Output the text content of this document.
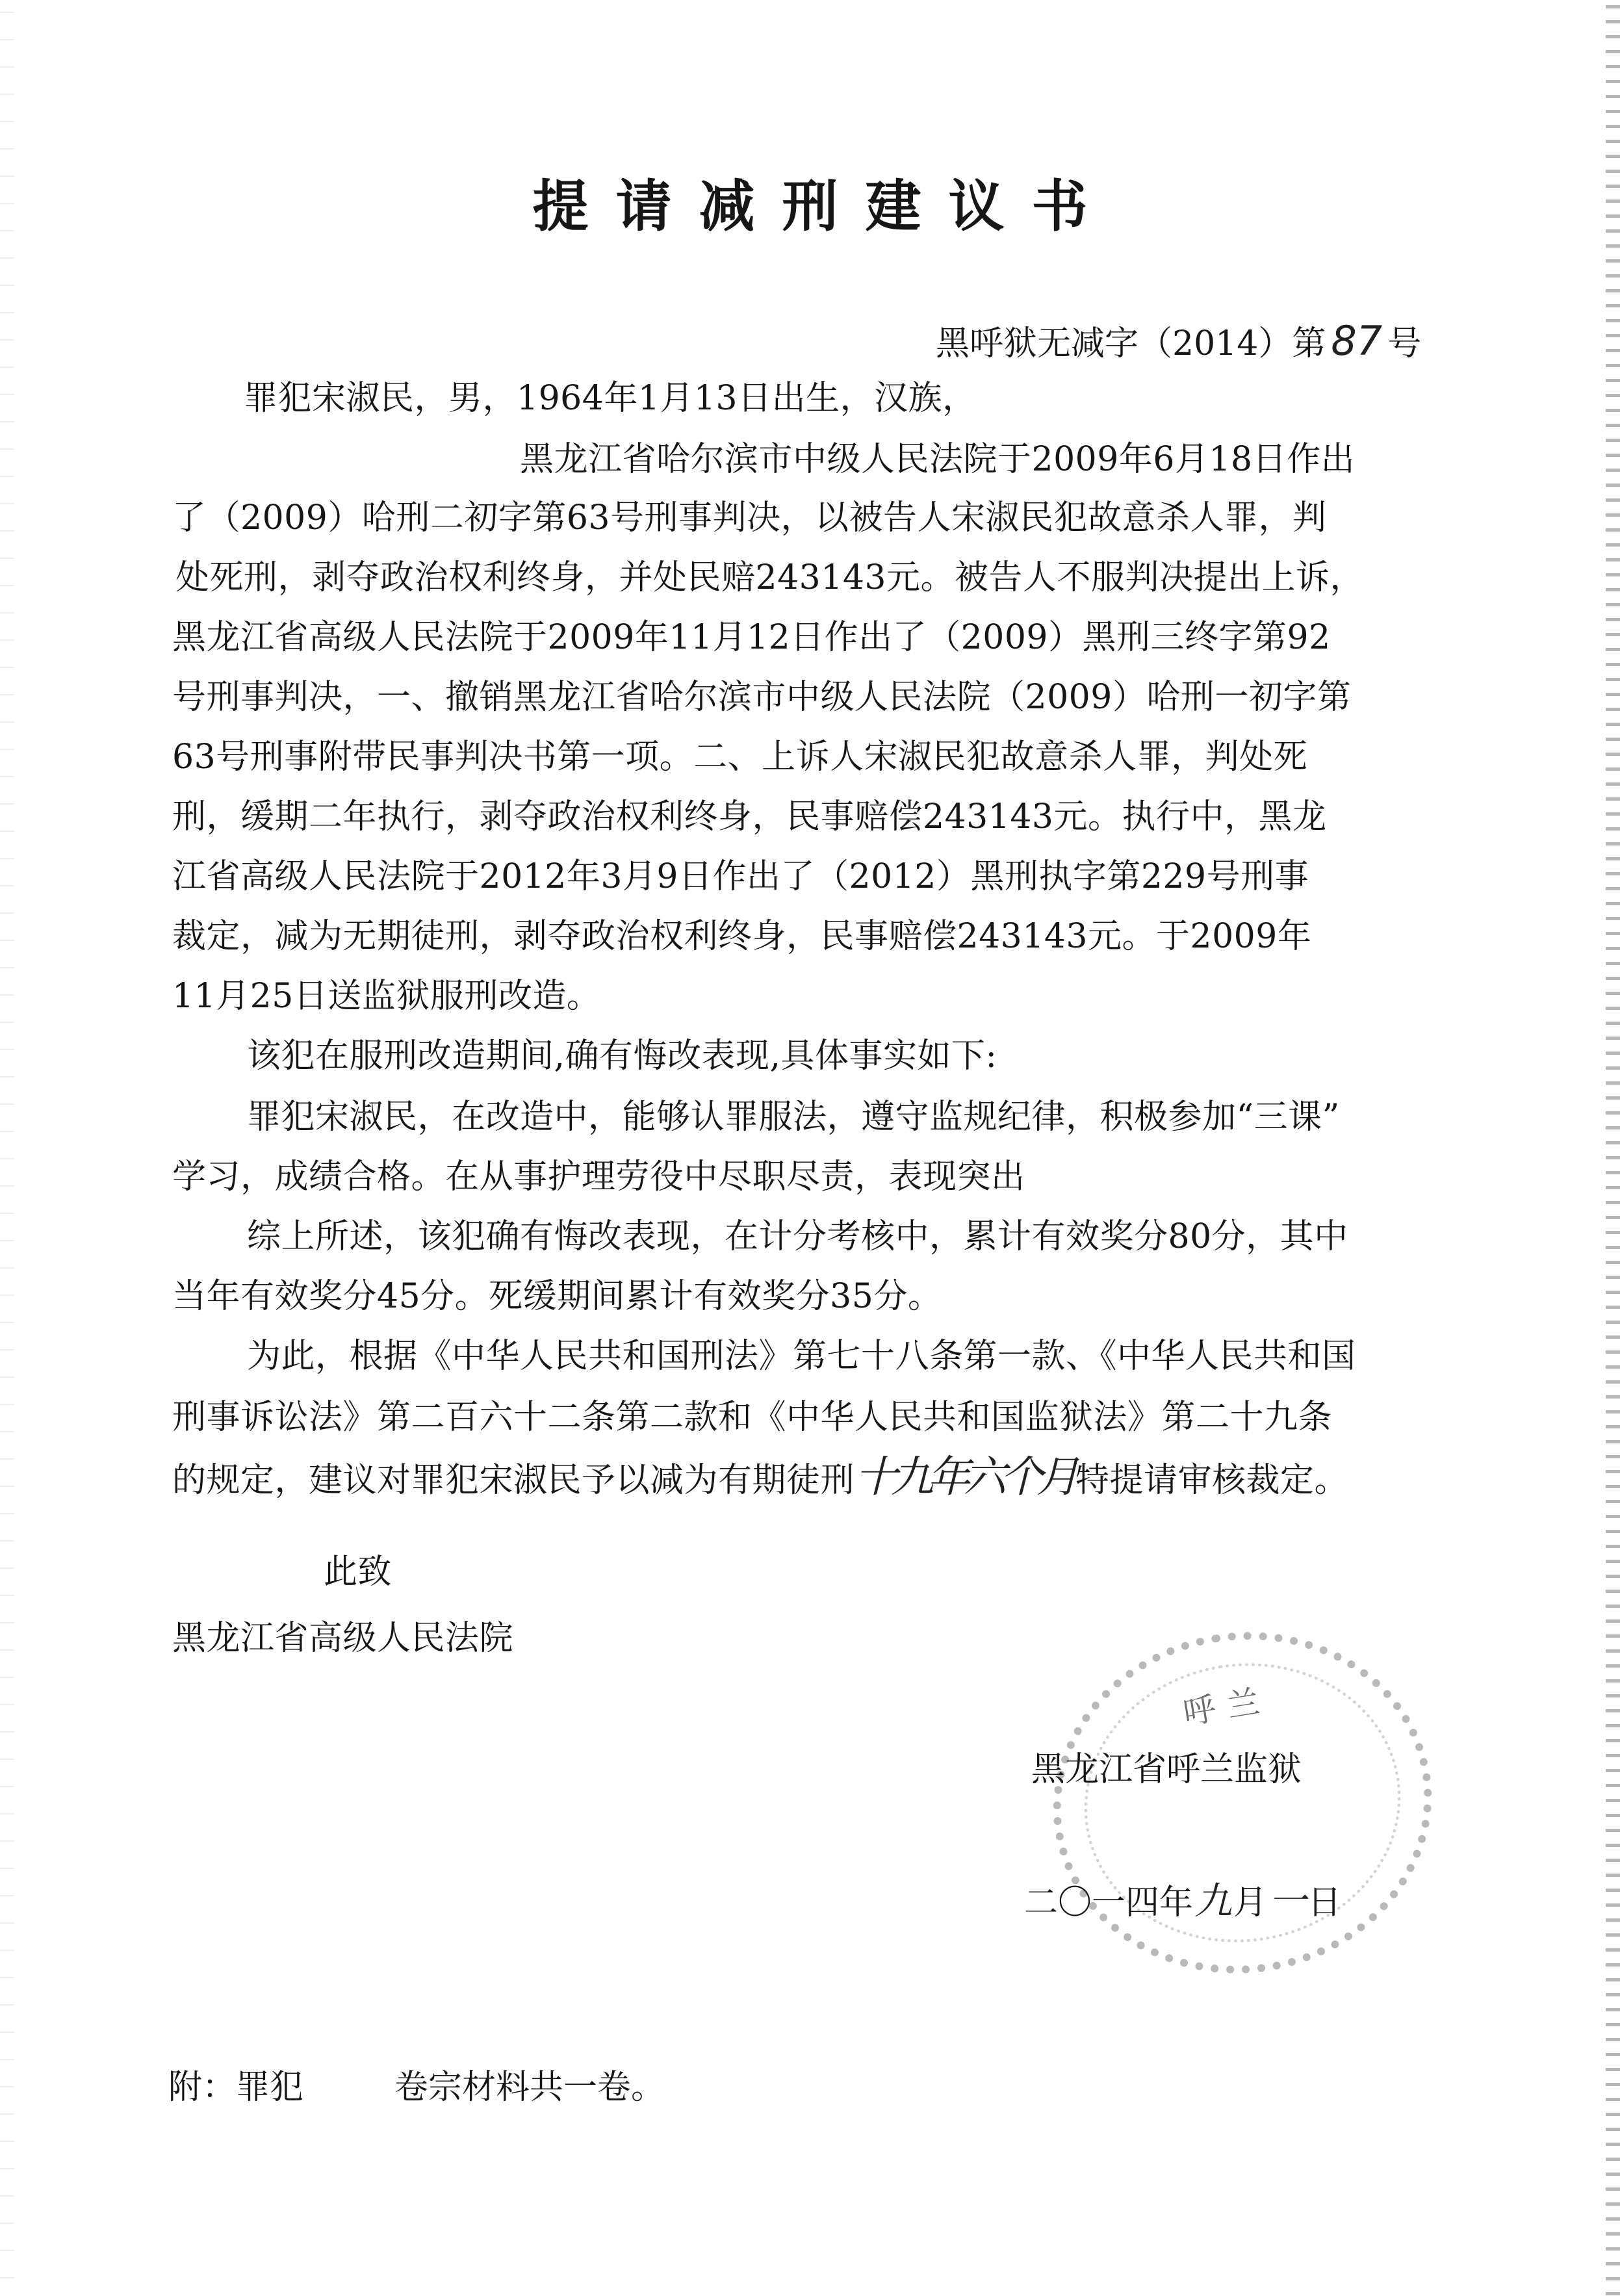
提请减刑建议书
黑呼狱无减字（2014）第 87 号
罪犯宋淑民，男，1964年1月13日出生，汉族，
黑龙江省哈尔滨市中级人民法院于2009年6月18日作出
了（2009）哈刑二初字第63号刑事判决，以被告人宋淑民犯故意杀人罪，判
处死刑，剥夺政治权利终身，并处民赔243143元。被告人不服判决提出上诉，
黑龙江省高级人民法院于2009年11月12日作出了（2009）黑刑三终字第92
号刑事判决，一、撤销黑龙江省哈尔滨市中级人民法院（2009）哈刑一初字第
63号刑事附带民事判决书第一项。二、上诉人宋淑民犯故意杀人罪，判处死
刑，缓期二年执行，剥夺政治权利终身，民事赔偿243143元。执行中，黑龙
江省高级人民法院于2012年3月9日作出了（2012）黑刑执字第229号刑事
裁定，减为无期徒刑，剥夺政治权利终身，民事赔偿243143元。于2009年
11月25日送监狱服刑改造。
该犯在服刑改造期间,确有悔改表现,具体事实如下:
罪犯宋淑民，在改造中，能够认罪服法，遵守监规纪律，积极参加“三课”
学习，成绩合格。在从事护理劳役中尽职尽责，表现突出
综上所述，该犯确有悔改表现，在计分考核中，累计有效奖分80分，其中
当年有效奖分45分。死缓期间累计有效奖分35分。
为此，根据《中华人民共和国刑法》第七十八条第一款、《中华人民共和国
刑事诉讼法》第二百六十二条第二款和《中华人民共和国监狱法》第二十九条
的规定，建议对罪犯宋淑民予以减为有期徒刑十九年六个月特提请审核裁定。
此致
黑龙江省高级人民法院
呼兰
黑龙江省呼兰监狱
二〇一四年九月一日
附：罪犯	卷宗材料共一卷。
